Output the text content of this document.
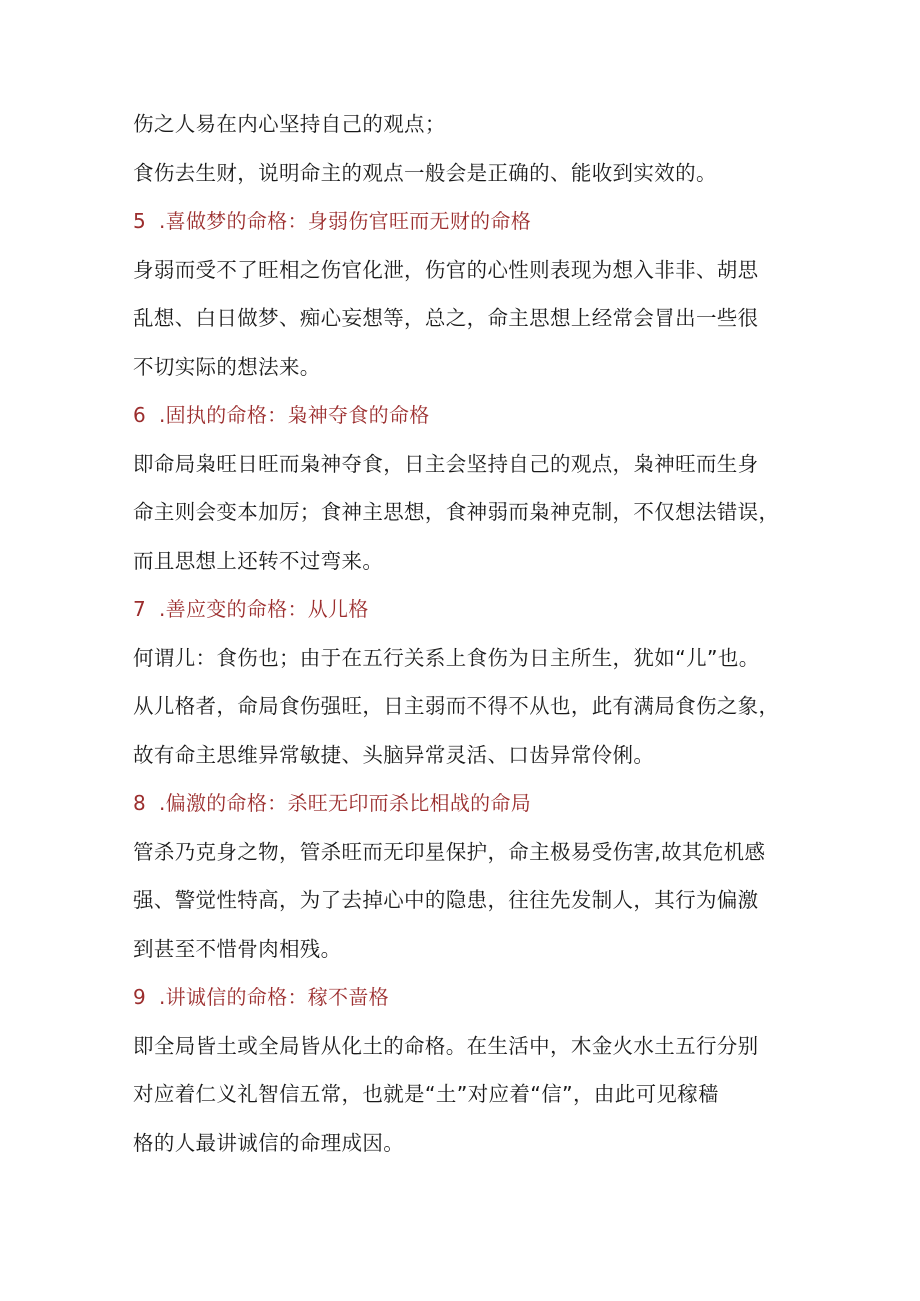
伤之人易在内心坚持自己的观点；

食伤去生财，说明命主的观点一般会是正确的、能收到实效的。

5 .喜做梦的命格：身弱伤官旺而无财的命格

身弱而受不了旺相之伤官化泄，伤官的心性则表现为想入非非、胡思
乱想、白日做梦、痴心妄想等，总之，命主思想上经常会冒出一些很
不切实际的想法来。

6 .固执的命格：枭神夺食的命格

即命局枭旺日旺而枭神夺食，日主会坚持自己的观点，枭神旺而生身
命主则会变本加厉；食神主思想，食神弱而枭神克制，不仅想法错误，
而且思想上还转不过弯来。

7 .善应变的命格：从儿格

何谓儿：食伤也；由于在五行关系上食伤为日主所生，犹如“儿”也。
从儿格者，命局食伤强旺，日主弱而不得不从也，此有满局食伤之象，
故有命主思维异常敏捷、头脑异常灵活、口齿异常伶俐。

8 .偏激的命格：杀旺无印而杀比相战的命局

管杀乃克身之物，管杀旺而无印星保护，命主极易受伤害,故其危机感
强、警觉性特高，为了去掉心中的隐患，往往先发制人，其行为偏激
到甚至不惜骨肉相残。

9 .讲诚信的命格：稼不啬格

即全局皆土或全局皆从化土的命格。在生活中，木金火水土五行分别
对应着仁义礼智信五常，也就是“土”对应着“信”，由此可见稼穑
格的人最讲诚信的命理成因。
